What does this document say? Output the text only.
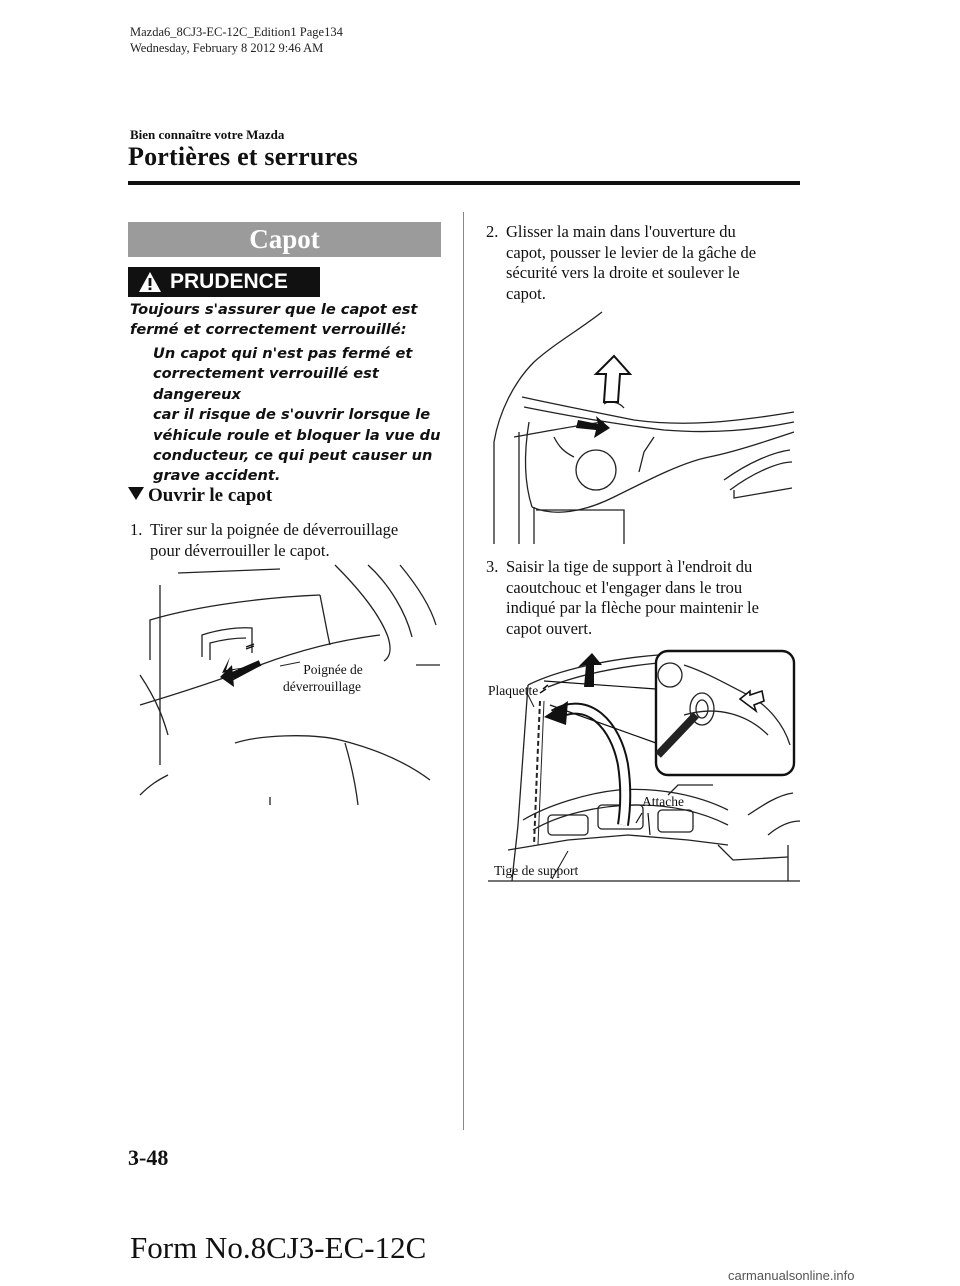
Mazda6_8CJ3-EC-12C_Edition1 Page134
Wednesday, February 8 2012 9:46 AM
Bien connaître votre Mazda
Portières et serrures
Capot
PRUDENCE
Toujours s'assurer que le capot est
fermé et correctement verrouillé:
Un capot qui n'est pas fermé et
correctement verrouillé est dangereux
car il risque de s'ouvrir lorsque le
véhicule roule et bloquer la vue du
conducteur, ce qui peut causer un
grave accident.
Ouvrir le capot
1. Tirer sur la poignée de déverrouillage
pour déverrouiller le capot.
Poignée de
déverrouillage
2. Glisser la main dans l'ouverture du
capot, pousser le levier de la gâche de
sécurité vers la droite et soulever le
capot.
3. Saisir la tige de support à l'endroit du
caoutchouc et l'engager dans le trou
indiqué par la flèche pour maintenir le
capot ouvert.
Plaquette
Attache
Tige de support
3-48
Form No.8CJ3-EC-12C
carmanualsonline.info
